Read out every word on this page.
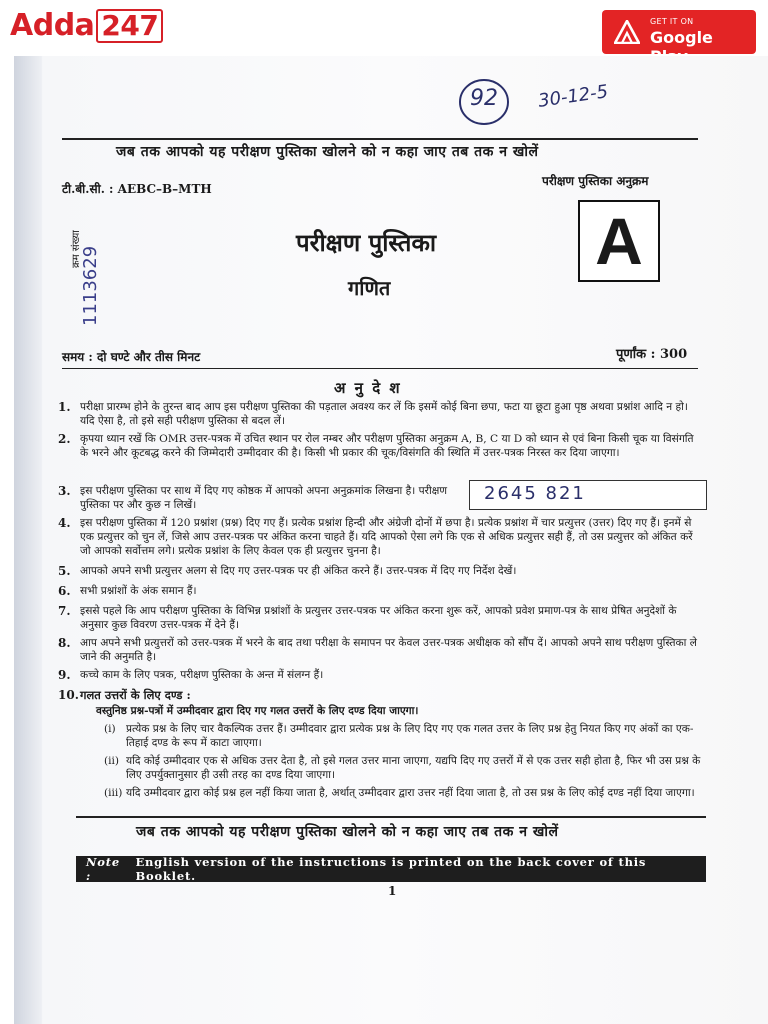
Adda 247	GET IT ON
Google
92 30-12-5
जब तक आपको यह परीक्षण पुस्तिका खोलने को न कहा जाए तब तक न खोलें
टी.बी.सी. : AEBC–B–MTH
परीक्षण पुस्तिका अनुक्रम
A
क्रम संख्या
1113629
परीक्षण पुस्तिका
गणित
समय : दो घण्टे और तीस मिनट	पूर्णांक : 300
अ नु दे श
1. परीक्षा प्रारम्भ होने के तुरन्त बाद आप इस परीक्षण पुस्तिका की पड़ताल अवश्य कर लें कि इसमें कोई बिना छपा, फटा या छूटा हुआ पृष्ठ अथवा प्रश्नांश आदि न हो। यदि ऐसा है, तो इसे सही परीक्षण पुस्तिका से बदल लें।
2. कृपया ध्यान रखें कि OMR उत्तर-पत्रक में उचित स्थान पर रोल नम्बर और परीक्षण पुस्तिका अनुक्रम A, B, C या D को ध्यान से एवं बिना किसी चूक या विसंगति के भरने और कूटबद्ध करने की जिम्मेदारी उम्मीदवार की है। किसी भी प्रकार की चूक/विसंगति की स्थिति में उत्तर-पत्रक निरस्त कर दिया जाएगा।
3. इस परीक्षण पुस्तिका पर साथ में दिए गए कोष्ठक में आपको अपना अनुक्रमांक लिखना है। परीक्षण पुस्तिका पर और कुछ न लिखें।
2645 821
4. इस परीक्षण पुस्तिका में 120 प्रश्नांश (प्रश्न) दिए गए हैं। प्रत्येक प्रश्नांश हिन्दी और अंग्रेजी दोनों में छपा है। प्रत्येक प्रश्नांश में चार प्रत्युत्तर (उत्तर) दिए गए हैं। इनमें से एक प्रत्युत्तर को चुन लें, जिसे आप उत्तर-पत्रक पर अंकित करना चाहते हैं। यदि आपको ऐसा लगे कि एक से अधिक प्रत्युत्तर सही हैं, तो उस प्रत्युत्तर को अंकित करें जो आपको सर्वोत्तम लगे। प्रत्येक प्रश्नांश के लिए केवल एक ही प्रत्युत्तर चुनना है।
5. आपको अपने सभी प्रत्युत्तर अलग से दिए गए उत्तर-पत्रक पर ही अंकित करने हैं। उत्तर-पत्रक में दिए गए निर्देश देखें।
6. सभी प्रश्नांशों के अंक समान हैं।
7. इससे पहले कि आप परीक्षण पुस्तिका के विभिन्न प्रश्नांशों के प्रत्युत्तर उत्तर-पत्रक पर अंकित करना शुरू करें, आपको प्रवेश प्रमाण-पत्र के साथ प्रेषित अनुदेशों के अनुसार कुछ विवरण उत्तर-पत्रक में देने हैं।
8. आप अपने सभी प्रत्युत्तरों को उत्तर-पत्रक में भरने के बाद तथा परीक्षा के समापन पर केवल उत्तर-पत्रक अधीक्षक को सौंप दें। आपको अपने साथ परीक्षण पुस्तिका ले जाने की अनुमति है।
9. कच्चे काम के लिए पत्रक, परीक्षण पुस्तिका के अन्त में संलग्न हैं।
10. गलत उत्तरों के लिए दण्ड :
वस्तुनिष्ठ प्रश्न-पत्रों में उम्मीदवार द्वारा दिए गए गलत उत्तरों के लिए दण्ड दिया जाएगा।
(i) प्रत्येक प्रश्न के लिए चार वैकल्पिक उत्तर हैं। उम्मीदवार द्वारा प्रत्येक प्रश्न के लिए दिए गए एक गलत उत्तर के लिए प्रश्न हेतु नियत किए गए अंकों का एक-तिहाई दण्ड के रूप में काटा जाएगा।
(ii) यदि कोई उम्मीदवार एक से अधिक उत्तर देता है, तो इसे गलत उत्तर माना जाएगा, यद्यपि दिए गए उत्तरों में से एक उत्तर सही होता है, फिर भी उस प्रश्न के लिए उपर्युक्तानुसार ही उसी तरह का दण्ड दिया जाएगा।
(iii) यदि उम्मीदवार द्वारा कोई प्रश्न हल नहीं किया जाता है, अर्थात् उम्मीदवार द्वारा उत्तर नहीं दिया जाता है, तो उस प्रश्न के लिए कोई दण्ड नहीं दिया जाएगा।
जब तक आपको यह परीक्षण पुस्तिका खोलने को न कहा जाए तब तक न खोलें
Note :
English version of the instructions is printed on the back cover of this Booklet.
1
